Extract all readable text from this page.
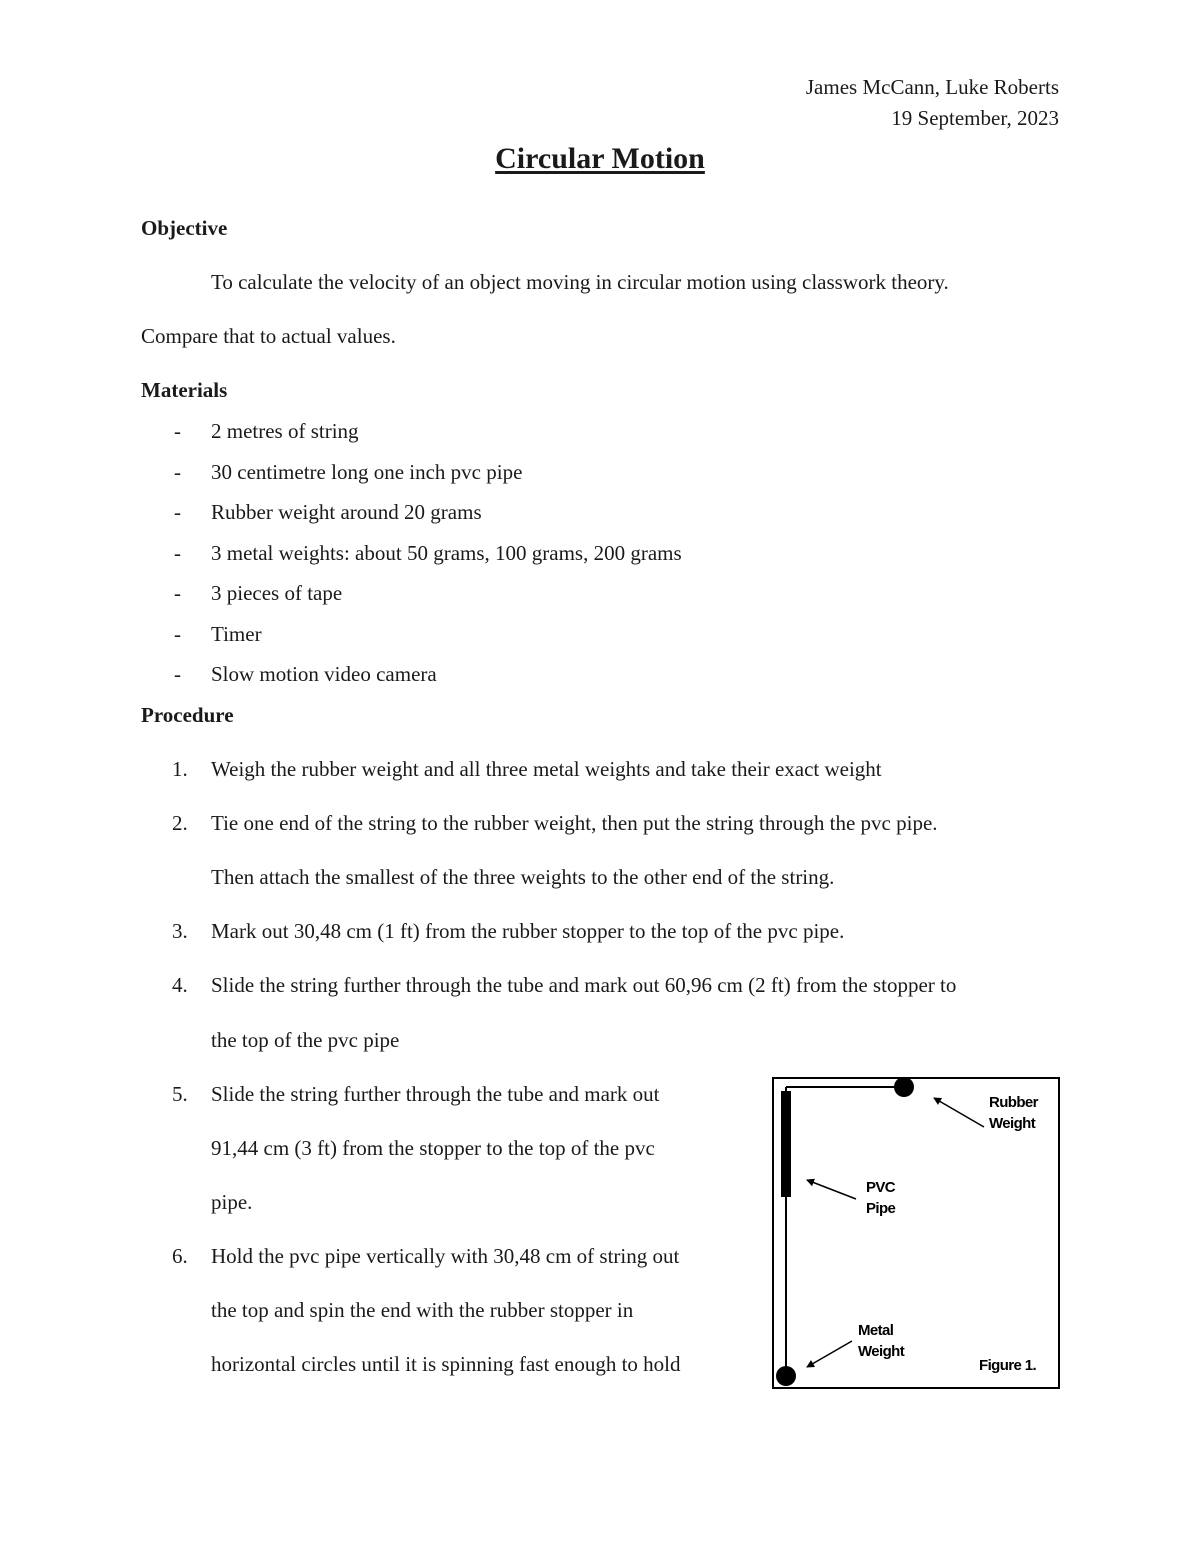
James McCann, Luke Roberts
19 September, 2023
Circular Motion
Objective
To calculate the velocity of an object moving in circular motion using classwork theory.
Compare that to actual values.
Materials
- 2 metres of string
- 30 centimetre long one inch pvc pipe
- Rubber weight around 20 grams
- 3 metal weights: about 50 grams, 100 grams, 200 grams
- 3 pieces of tape
- Timer
- Slow motion video camera
Procedure
1. Weigh the rubber weight and all three metal weights and take their exact weight
2. Tie one end of the string to the rubber weight, then put the string through the pvc pipe.
Then attach the smallest of the three weights to the other end of the string.
3. Mark out 30,48 cm (1 ft) from the rubber stopper to the top of the pvc pipe.
4. Slide the string further through the tube and mark out 60,96 cm (2 ft) from the stopper to
the top of the pvc pipe
5. Slide the string further through the tube and mark out
91,44 cm (3 ft) from the stopper to the top of the pvc
pipe.
6. Hold the pvc pipe vertically with 30,48 cm of string out
the top and spin the end with the rubber stopper in
horizontal circles until it is spinning fast enough to hold
Rubber
Weight
PVC
Pipe
Metal
Weight
Figure 1.
